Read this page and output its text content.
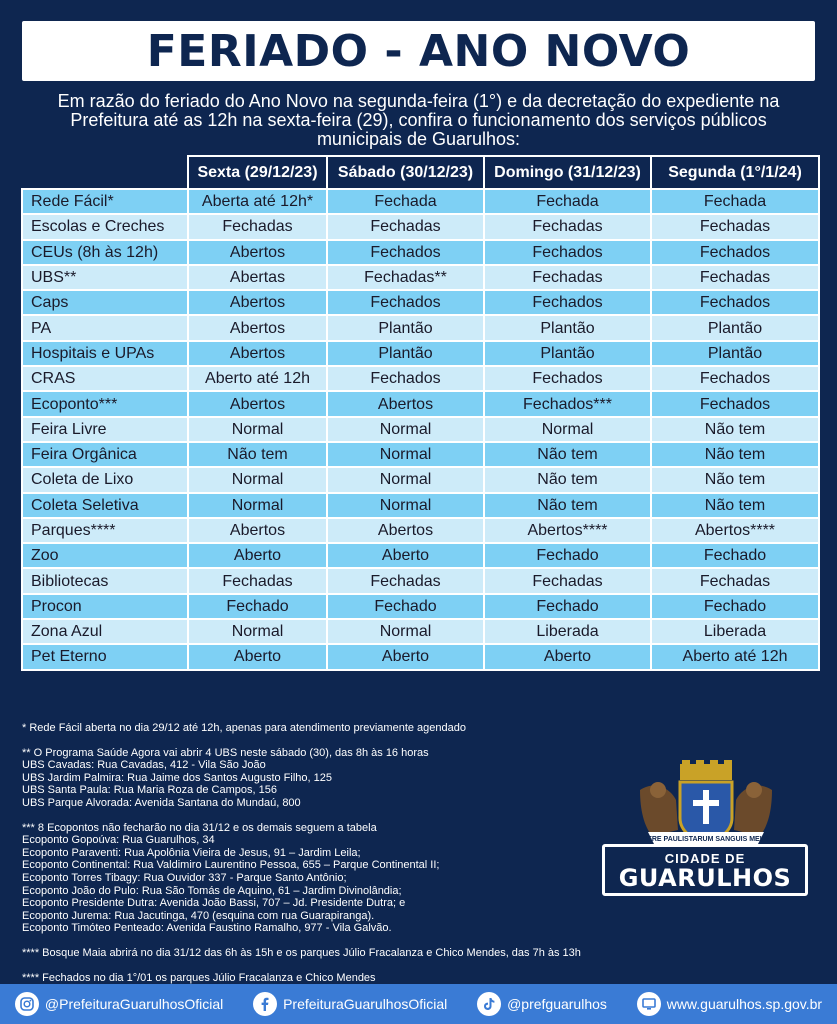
FERIADO - ANO NOVO
Em razão do feriado do Ano Novo na segunda-feira (1°) e da decretação do expediente na Prefeitura até as 12h na sexta-feira (29), confira o funcionamento dos serviços públicos municipais de Guarulhos:
	Sexta (29/12/23)	Sábado (30/12/23)	Domingo (31/12/23)	Segunda (1°/1/24)
Rede Fácil*	Aberta até 12h*	Fechada	Fechada	Fechada
Escolas e Creches	Fechadas	Fechadas	Fechadas	Fechadas
CEUs (8h às 12h)	Abertos	Fechados	Fechados	Fechados
UBS**	Abertas	Fechadas**	Fechadas	Fechadas
Caps	Abertos	Fechados	Fechados	Fechados
PA	Abertos	Plantão	Plantão	Plantão
Hospitais e UPAs	Abertos	Plantão	Plantão	Plantão
CRAS	Aberto até 12h	Fechados	Fechados	Fechados
Ecoponto***	Abertos	Abertos	Fechados***	Fechados
Feira Livre	Normal	Normal	Normal	Não tem
Feira Orgânica	Não tem	Normal	Não tem	Não tem
Coleta de Lixo	Normal	Normal	Não tem	Não tem
Coleta Seletiva	Normal	Normal	Não tem	Não tem
Parques****	Abertos	Abertos	Abertos****	Abertos****
Zoo	Aberto	Aberto	Fechado	Fechado
Bibliotecas	Fechadas	Fechadas	Fechadas	Fechadas
Procon	Fechado	Fechado	Fechado	Fechado
Zona Azul	Normal	Normal	Liberada	Liberada
Pet Eterno	Aberto	Aberto	Aberto	Aberto até 12h

* Rede Fácil aberta no dia 29/12 até 12h, apenas para atendimento previamente agendado

** O Programa Saúde Agora vai abrir 4 UBS neste sábado (30), das 8h às 16 horas
UBS Cavadas: Rua Cavadas, 412 - Vila São João
UBS Jardim Palmira: Rua Jaime dos Santos Augusto Filho, 125
UBS Santa Paula: Rua Maria Roza de Campos, 156
UBS Parque Alvorada: Avenida Santana do Mundaú, 800
*** 8 Ecopontos não fecharão no dia 31/12 e os demais seguem a tabela
Ecoponto Gopoúva: Rua Guarulhos, 34
Ecoponto Paraventi: Rua Apolônia Vieira de Jesus, 91 – Jardim Leila;
Ecoponto Continental: Rua Valdimiro Laurentino Pessoa, 655 – Parque Continental II;
Ecoponto Torres Tibagy: Rua Ouvidor 337 - Parque Santo Antônio;
Ecoponto João do Pulo: Rua São Tomás de Aquino, 61 – Jardim Divinolândia;
Ecoponto Presidente Dutra: Avenida João Bassi, 707 – Jd. Presidente Dutra; e
Ecoponto Jurema: Rua Jacutinga, 470 (esquina com rua Guarapiranga).
Ecoponto Timóteo Penteado: Avenida Faustino Ramalho, 977 - Vila Galvão.

**** Bosque Maia abrirá no dia 31/12 das 6h às 15h e os parques Júlio Fracalanza e Chico Mendes, das 7h às 13h

**** Fechados no dia 1°/01 os parques Júlio Fracalanza e Chico Mendes

VERE PAULISTARUM SANGUIS MEUS
CIDADE DE
GUARULHOS
@PrefeituraGuarulhosOficial	PrefeituraGuarulhosOficial	@prefguarulhos	www.guarulhos.sp.gov.br
